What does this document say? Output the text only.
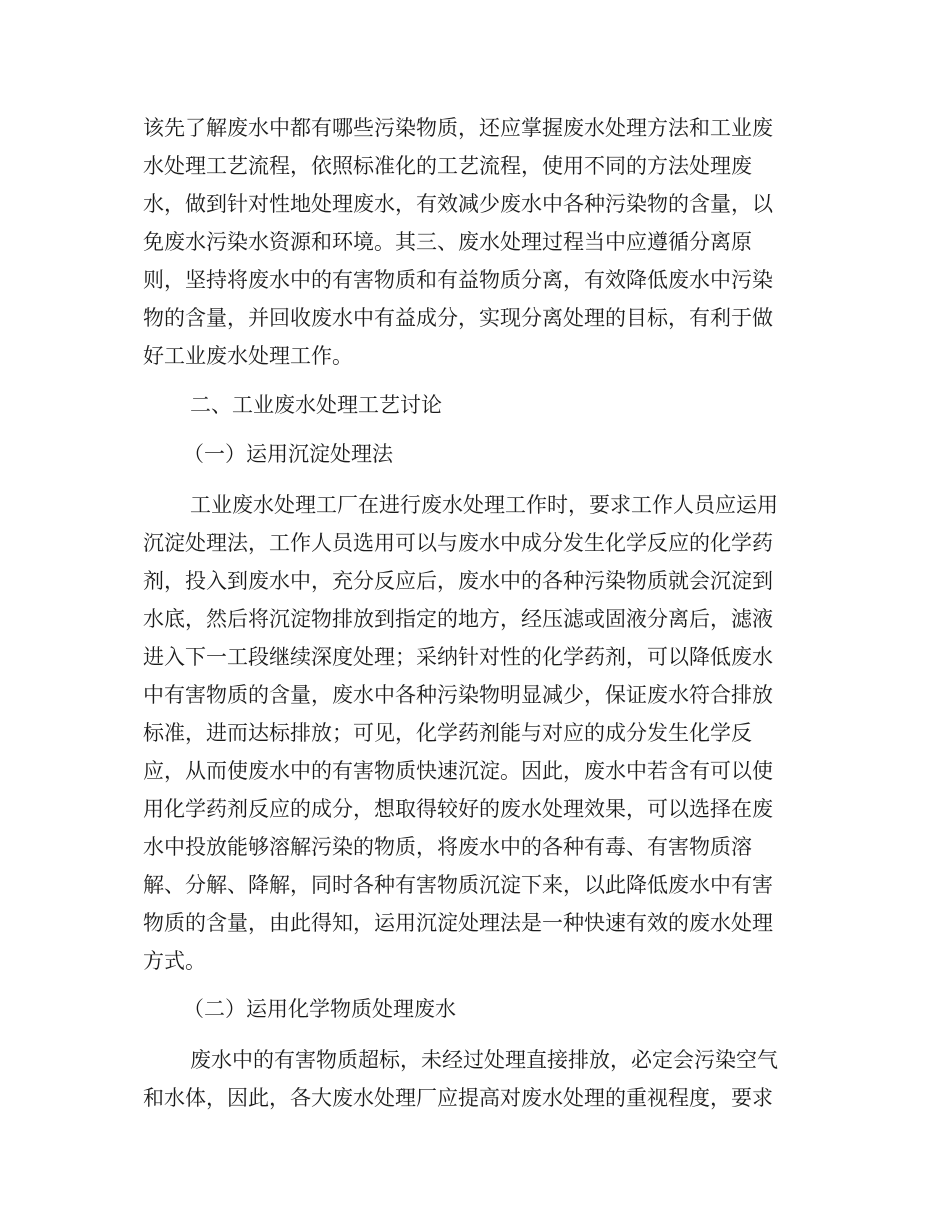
该先了解废水中都有哪些污染物质，还应掌握废水处理方法和工业废
水处理工艺流程，依照标准化的工艺流程，使用不同的方法处理废
水，做到针对性地处理废水，有效减少废水中各种污染物的含量，以
免废水污染水资源和环境。其三、废水处理过程当中应遵循分离原
则，坚持将废水中的有害物质和有益物质分离，有效降低废水中污染
物的含量，并回收废水中有益成分，实现分离处理的目标，有利于做
好工业废水处理工作。
二、工业废水处理工艺讨论
（一）运用沉淀处理法
工业废水处理工厂在进行废水处理工作时，要求工作人员应运用
沉淀处理法，工作人员选用可以与废水中成分发生化学反应的化学药
剂，投入到废水中，充分反应后，废水中的各种污染物质就会沉淀到
水底，然后将沉淀物排放到指定的地方，经压滤或固液分离后，滤液
进入下一工段继续深度处理；采纳针对性的化学药剂，可以降低废水
中有害物质的含量，废水中各种污染物明显减少，保证废水符合排放
标准，进而达标排放；可见，化学药剂能与对应的成分发生化学反
应，从而使废水中的有害物质快速沉淀。因此，废水中若含有可以使
用化学药剂反应的成分，想取得较好的废水处理效果，可以选择在废
水中投放能够溶解污染的物质，将废水中的各种有毒、有害物质溶
解、分解、降解，同时各种有害物质沉淀下来，以此降低废水中有害
物质的含量，由此得知，运用沉淀处理法是一种快速有效的废水处理
方式。
（二）运用化学物质处理废水
废水中的有害物质超标，未经过处理直接排放，必定会污染空气
和水体，因此，各大废水处理厂应提高对废水处理的重视程度，要求
